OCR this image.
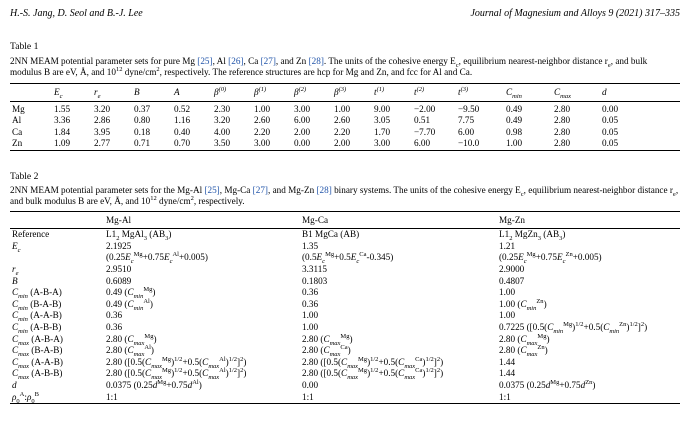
H.-S. Jang, D. Seol and B.-J. Lee	Journal of Magnesium and Alloys 9 (2021) 317–335
Table 1
2NN MEAM potential parameter sets for pure Mg [25], Al [26], Ca [27], and Zn [28]. The units of the cohesive energy $E_c$, equilibrium nearest-neighbor distance $r_e$, and bulk modulus B are eV, Å, and $10^{12}$ dyne/$cm^2$, respectively. The reference structures are hcp for Mg and Zn, and fcc for Al and Ca.
	$E_c$	$r_e$	B	A	$\beta^{(0)}$	$\beta^{(1)}$	$\beta^{(2)}$	$\beta^{(3)}$	$t^{(1)}$	$t^{(2)}$	$t^{(3)}$	$C_{min}$	$C_{max}$	d
Mg	1.55	3.20	0.37	0.52	2.30	1.00	3.00	1.00	9.00	−2.00	−9.50	0.49	2.80	0.00
Al	3.36	2.86	0.80	1.16	3.20	2.60	6.00	2.60	3.05	0.51	7.75	0.49	2.80	0.05
Ca	1.84	3.95	0.18	0.40	4.00	2.20	2.00	2.20	1.70	−7.70	6.00	0.98	2.80	0.05
Zn	1.09	2.77	0.71	0.70	3.50	3.00	0.00	2.00	3.00	6.00	−10.0	1.00	2.80	0.05
Table 2
2NN MEAM potential parameter sets for the Mg-Al [25], Mg-Ca [27], and Mg-Zn [28] binary systems. The units of the cohesive energy $E_c$, equilibrium nearest-neighbor distance $r_e$, and bulk modulus B are eV, Å, and $10^{12}$ dyne/$cm^2$, respectively.
	Mg-Al	Mg-Ca	Mg-Zn
Reference	$L1_2$ MgAl$_3$ $(AB_3)$	B1 MgCa (AB)	$L1_2$ MgZn$_3$ $(AB_3)$
$E_c$	2.1925	1.35	1.21
	$(0.25E_c^{Mg}+0.75E_c^{Al}+0.005)$	$(0.5E_c^{Mg}+0.5E_c^{Ca}-0.345)$	$(0.25E_c^{Mg}+0.75E_c^{Zn}+0.005)$
$r_e$	2.9510	3.3115	2.9000
B	0.6089	0.1803	0.4807
$C_{min}$ (A-B-A)	0.49 $(C_{min}^{Mg})$	0.36	1.00
$C_{min}$ (B-A-B)	0.49 $(C_{min}^{Al})$	0.36	1.00 $(C_{min}^{Zn})$
$C_{min}$ (A-A-B)	0.36	1.00	1.00
$C_{min}$ (A-B-B)	0.36	1.00	0.7225 $([0.5(C_{min}^{Mg})^{1/2}+0.5(C_{min}^{Zn})^{1/2}]^2)$
$C_{max}$ (A-B-A)	2.80 $(C_{max}^{Mg})$	2.80 $(C_{max}^{Mg})$	2.80 $(C_{max}^{Mg})$
$C_{max}$ (B-A-B)	2.80 $(C_{max}^{Al})$	2.80 $(C_{max}^{Ca})$	2.80 $(C_{max}^{Zn})$
$C_{max}$ (A-A-B)	2.80 $([0.5(C_{max}^{Mg})^{1/2}+0.5(C_{max}^{Al})^{1/2}]^2)$	2.80 $([0.5(C_{max}^{Mg})^{1/2}+0.5(C_{max}^{Ca})^{1/2}]^2)$	1.44
$C_{max}$ (A-B-B)	2.80 $([0.5(C_{max}^{Mg})^{1/2}+0.5(C_{max}^{Al})^{1/2}]^2)$	2.80 $([0.5(C_{max}^{Mg})^{1/2}+0.5(C_{max}^{Ca})^{1/2}]^2)$	1.44
d	0.0375 $(0.25d^{Mg}+0.75d^{Al})$	0.00	0.0375 $(0.25d^{Mg}+0.75d^{Zn})$
$\rho_0^A:\rho_0^B$	1:1	1:1	1:1
